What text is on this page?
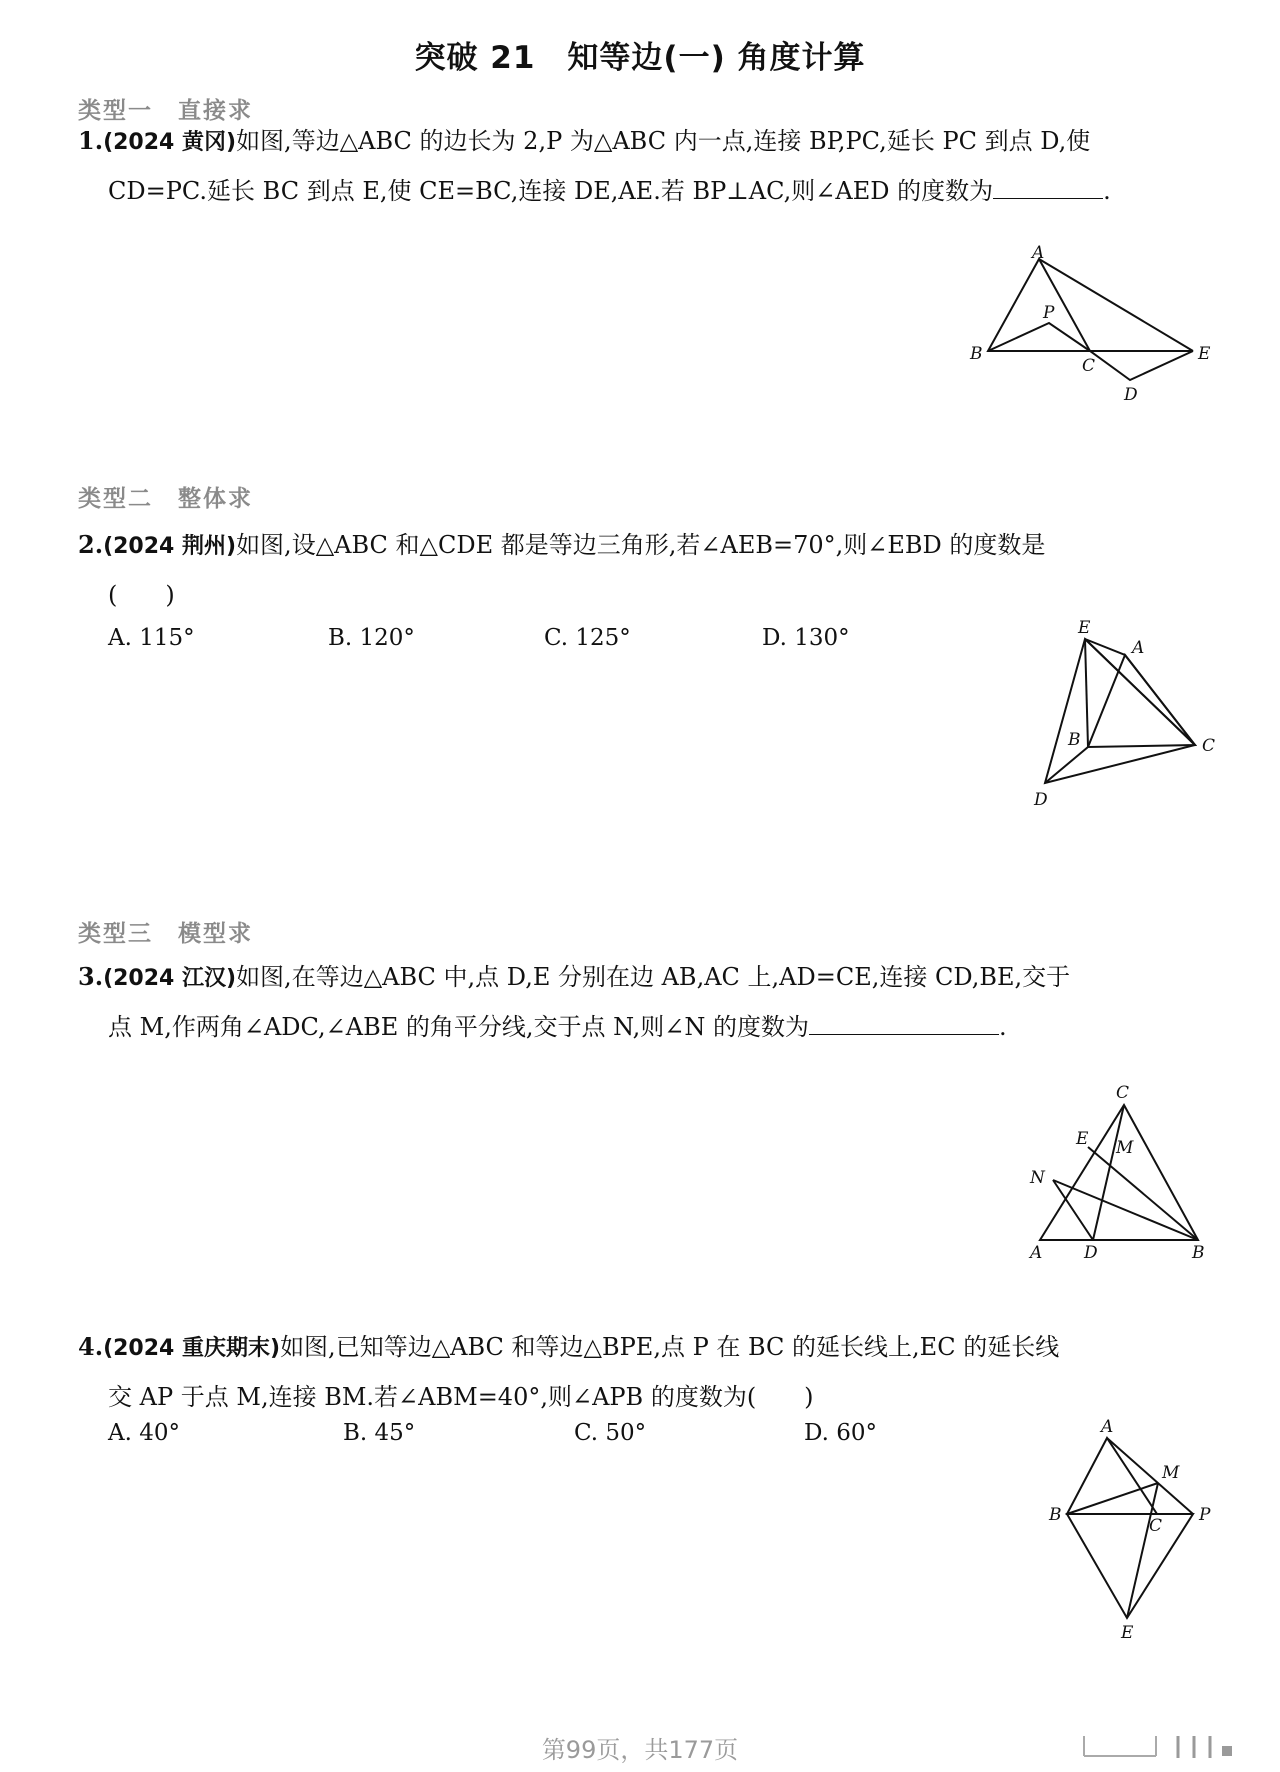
突破 21　知等边(一) 角度计算
类型一　直接求

1.(2024 黄冈)如图,等边△ABC 的边长为 2,P 为△ABC 内一点,连接 BP,PC,延长 PC 到点 D,使
CD=PC.延长 BC 到点 E,使 CE=BC,连接 DE,AE.若 BP⊥AC,则∠AED 的度数为	.

A
P
B
C
E
D
类型二　整体求

2.(2024 荆州)如图,设△ABC 和△CDE 都是等边三角形,若∠AEB=70°,则∠EBD 的度数是
(　　)

A. 115°	B. 120°	C. 125°	D. 130°	E
A
B	C
D
类型三　模型求

3.(2024 江汉)如图,在等边△ABC 中,点 D,E 分别在边 AB,AC 上,AD=CE,连接 CD,BE,交于
点 M,作两角∠ADC,∠ABE 的角平分线,交于点 N,则∠N 的度数为	.

C
E M
N
A D	B

4.(2024 重庆期末)如图,已知等边△ABC 和等边△BPE,点 P 在 BC 的延长线上,EC 的延长线
交 AP 于点 M,连接 BM.若∠ABM=40°,则∠APB 的度数为(　　)

A. 40°	B. 45°	C. 50°	D. 60°	A
M
B
C
P
E
第99页，共177页
